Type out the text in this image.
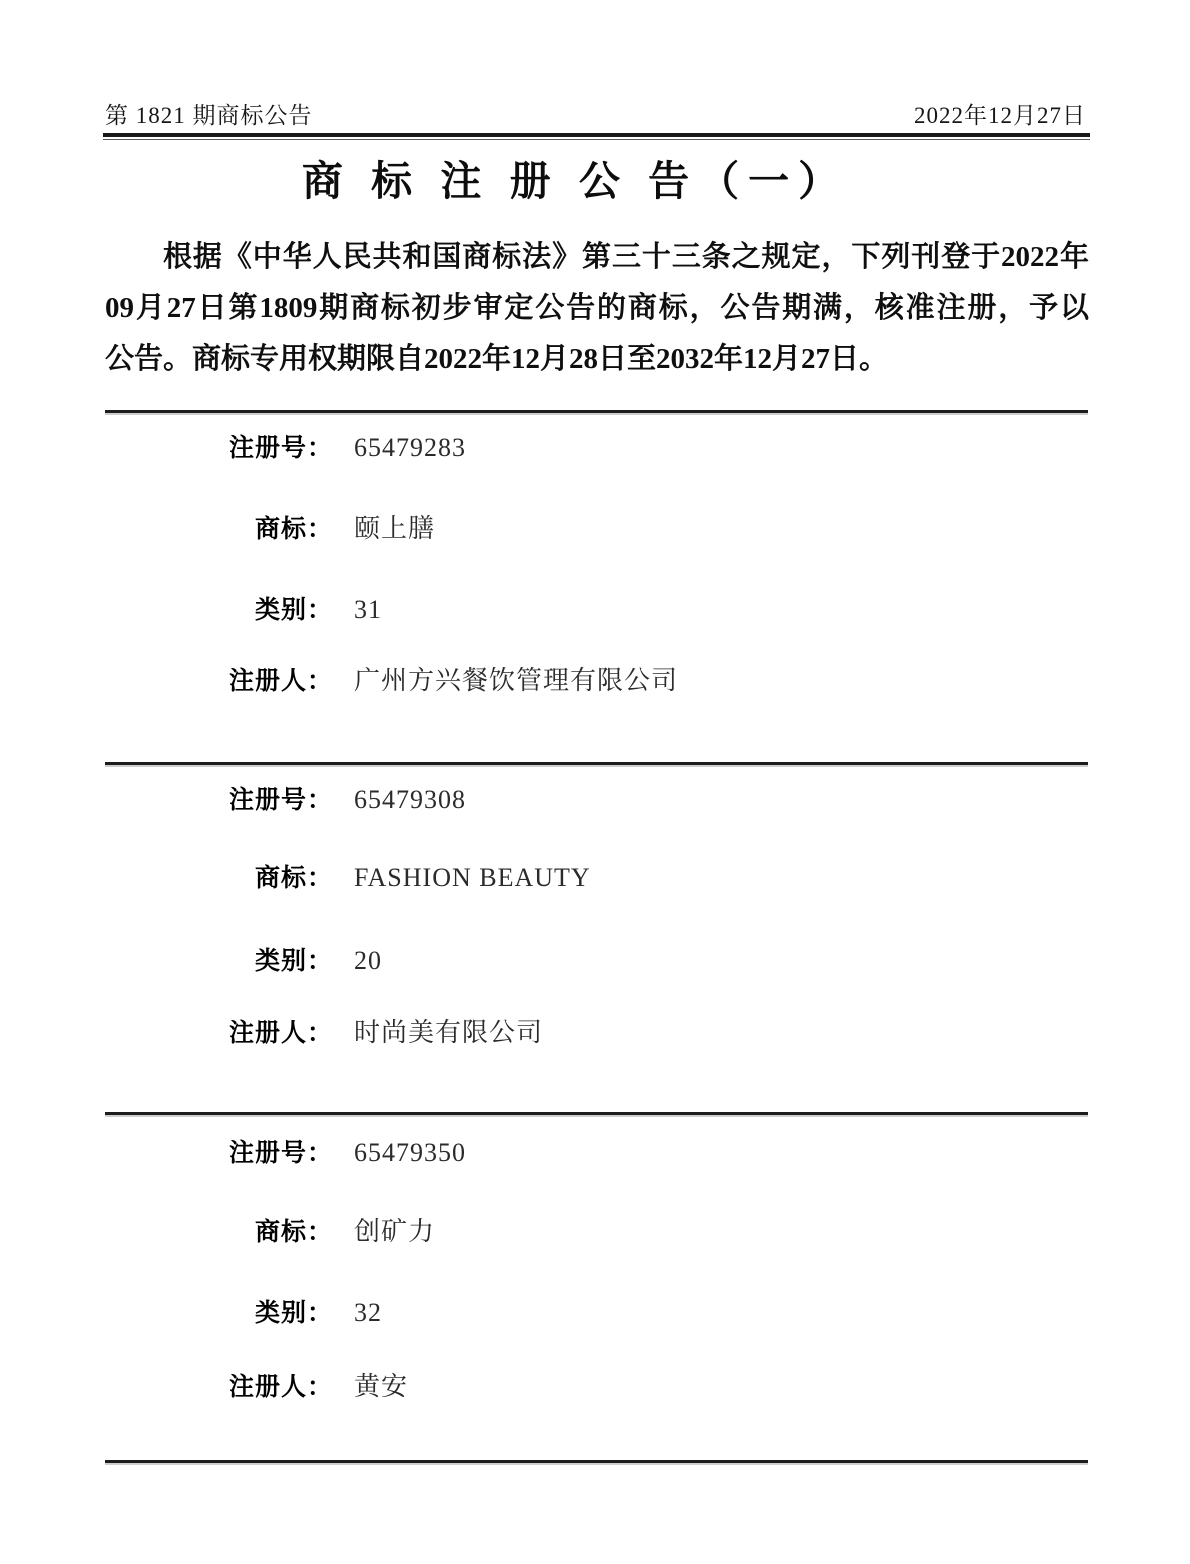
第 1821 期商标公告	2022年12月27日
商 标 注 册 公 告（一）
根据《中华人民共和国商标法》第三十三条之规定，下列刊登于2022年
09月27日第1809期商标初步审定公告的商标，公告期满，核准注册，予以
公告。商标专用权期限自2022年12月28日至2032年12月27日。
注册号： 65479283
商标： 颐上膳
类别： 31
注册人： 广州方兴餐饮管理有限公司
注册号： 65479308
商标： FASHION BEAUTY
类别： 20
注册人： 时尚美有限公司
注册号： 65479350
商标： 创矿力
类别： 32
注册人： 黄安
